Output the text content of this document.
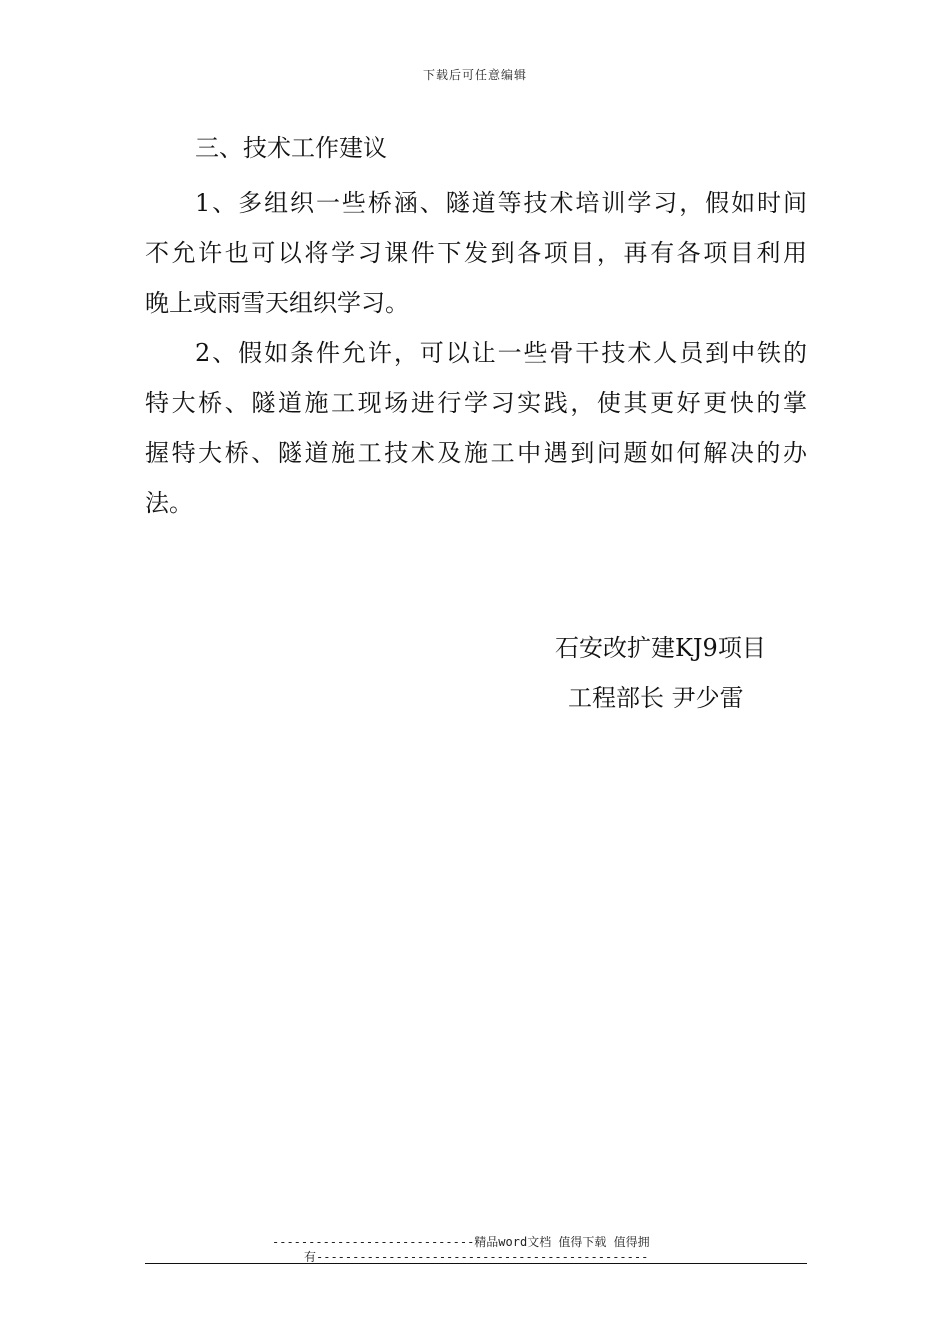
下载后可任意编辑
三、技术工作建议
1、多组织一些桥涵、隧道等技术培训学习，假如时间
不允许也可以将学习课件下发到各项目，再有各项目利用
晚上或雨雪天组织学习。
2、假如条件允许，可以让一些骨干技术人员到中铁的
特大桥、隧道施工现场进行学习实践，使其更好更快的掌
握特大桥、隧道施工技术及施工中遇到问题如何解决的办
法。
石安改扩建KJ9项目
工程部长 尹少雷
----------------------------精品word文档 值得下载 值得拥
有----------------------------------------------
